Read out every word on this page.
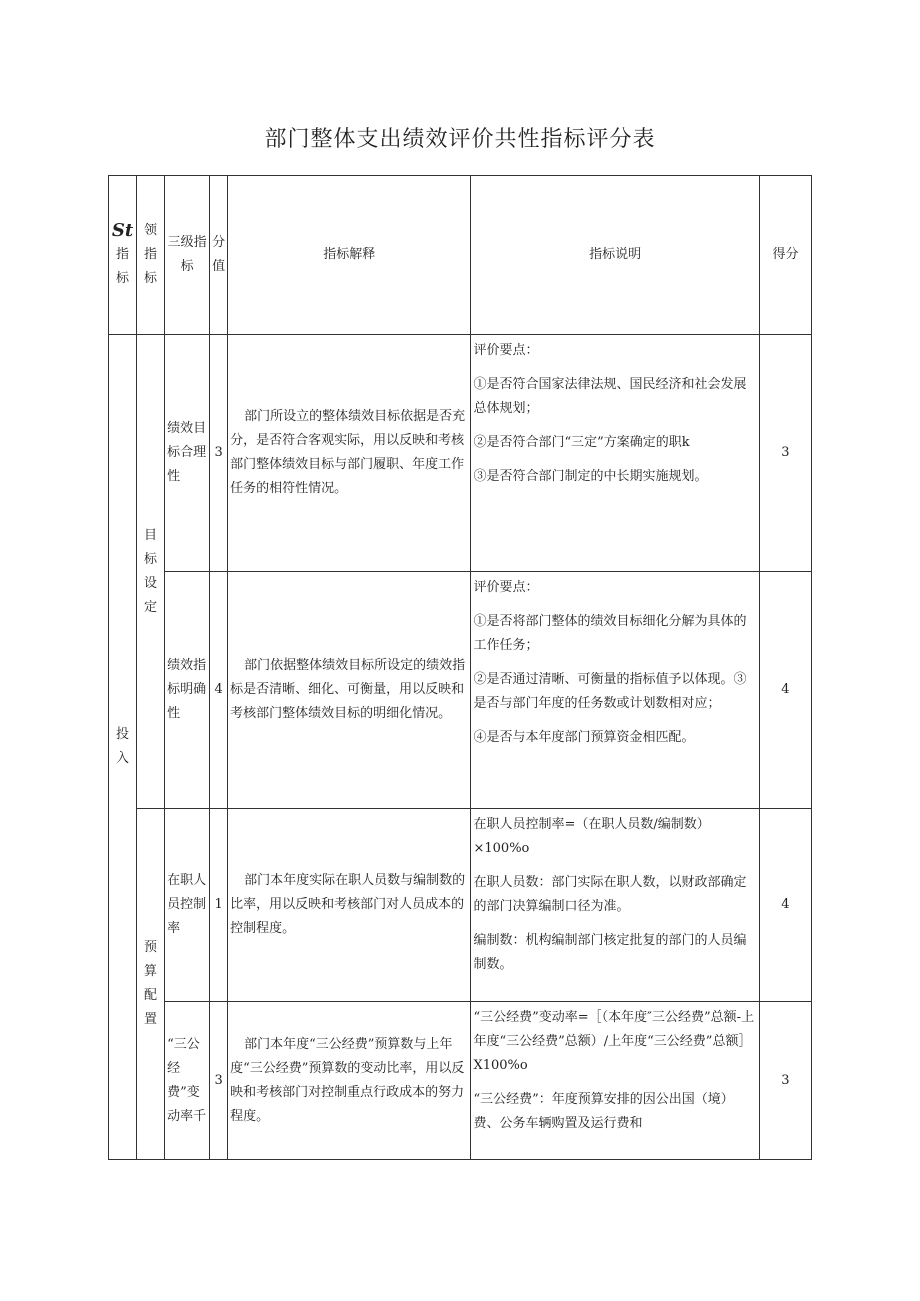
部门整体支出绩效评价共性指标评分表
St
指标	领指标	三级指标	分值	指标解释	指标说明	得分
投入	目标设定	绩效目标合理性	3	部门所设立的整体绩效目标依据是否充分，是否符合客观实际，用以反映和考核部门整体绩效目标与部门履职、年度工作任务的相符性情况。	评价要点：

①是否符合国家法律法规、国民经济和社会发展总体规划；

②是否符合部门“三定”方案确定的职k

③是否符合部门制定的中长期实施规划。	3
		绩效指标明确性	4	部门依据整体绩效目标所设定的绩效指标是否清晰、细化、可衡量，用以反映和考核部门整体绩效目标的明细化情况。	评价要点：

①是否将部门整体的绩效目标细化分解为具体的工作任务；

②是否通过清晰、可衡量的指标值予以体现。③是否与部门年度的任务数或计划数相对应；

④是否与本年度部门预算资金相匹配。	4
	预算配置	在职人员控制率	1	部门本年度实际在职人员数与编制数的比率，用以反映和考核部门对人员成本的控制程度。	在职人员控制率=（在职人员数/编制数）×100%o

在职人员数：部门实际在职人数，以财政部确定的部门决算编制口径为准。

编制数：机构编制部门核定批复的部门的人员编制数。	4
		“三公经费”变动率千	3	部门本年度“三公经费”预算数与上年度“三公经费”预算数的变动比率，用以反映和考核部门对控制重点行政成本的努力程度。	“三公经费”变动率=［（本年度″三公经费”总额-上年度“三公经费”总额）/上年度“三公经费”总额］X100%o

“三公经费”：年度预算安排的因公出国（境）费、公务车辆购置及运行费和	3
